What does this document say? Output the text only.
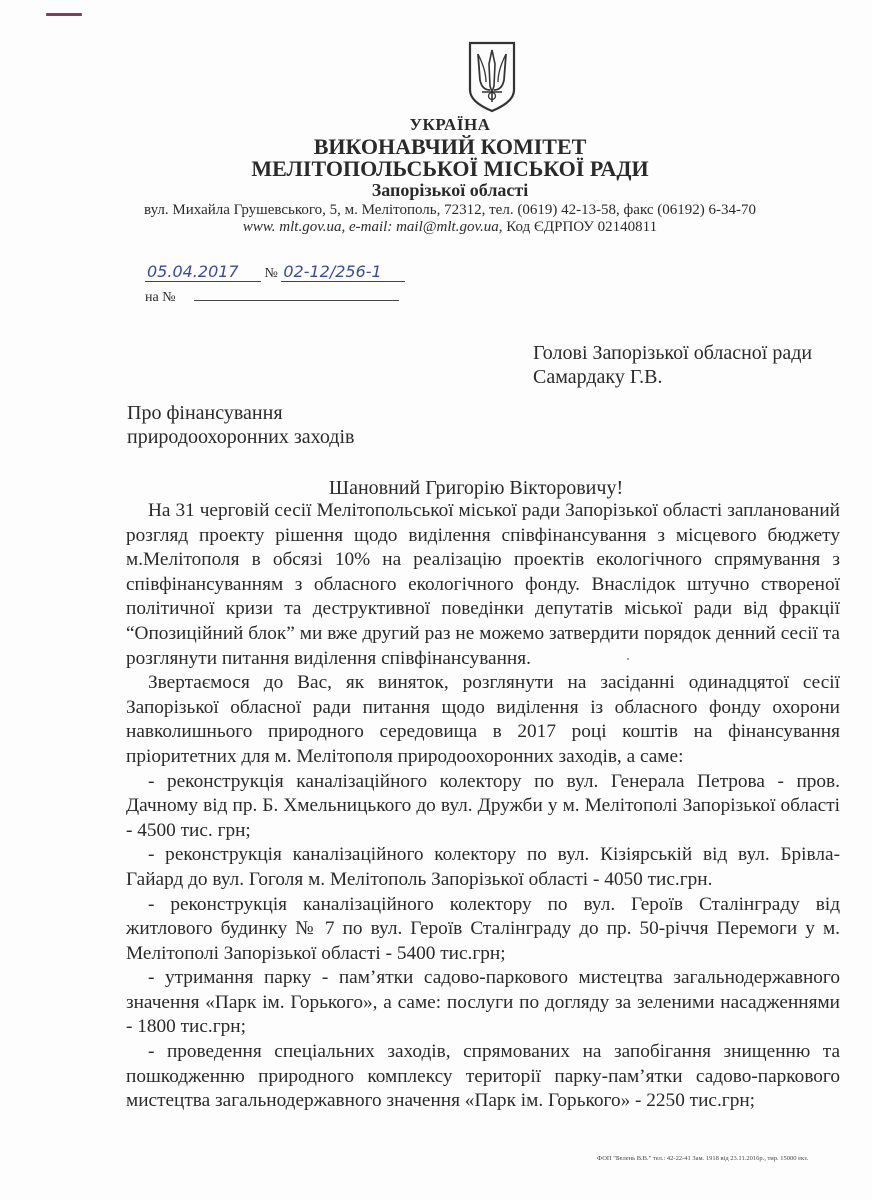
УКРАЇНА
ВИКОНАВЧИЙ КОМІТЕТ
МЕЛІТОПОЛЬСЬКОЇ МІСЬКОЇ РАДИ
Запорізької області
вул. Михайла Грушевського, 5, м. Мелітополь, 72312, тел. (0619) 42-13-58, факс (06192) 6-34-70
www. mlt.gov.ua, e-mail: mail@mlt.gov.ua, Код ЄДРПОУ 02140811
05.04.2017 № 02-12/256-1
на №
Голові Запорізької обласної ради
Самардаку Г.В.
Про фінансування
природоохоронних заходів
Шановний Григорію Вікторовичу!

На 31 черговій сесії Мелітопольської міської ради Запорізької області запланований розгляд проекту рішення щодо виділення співфінансування з місцевого бюджету м.Мелітополя в обсязі 10% на реалізацію проектів екологічного спрямування з співфінансуванням з обласного екологічного фонду. Внаслідок штучно створеної політичної кризи та деструктивної поведінки депутатів міської ради від фракції “Опозиційний блок” ми вже другий раз не можемо затвердити порядок денний сесії та розглянути питання виділення співфінансування.

Звертаємося до Вас, як виняток, розглянути на засіданні одинадцятої сесії Запорізької обласної ради питання щодо виділення із обласного фонду охорони навколишнього природного середовища в 2017 році коштів на фінансування пріоритетних для м. Мелітополя природоохоронних заходів, а саме:

- реконструкція каналізаційного колектору по вул. Генерала Петрова - пров. Дачному від пр. Б. Хмельницького до вул. Дружби у м. Мелітополі Запорізької області - 4500 тис. грн;

- реконструкція каналізаційного колектору по вул. Кізіярській від вул. Брівла-Гайард до вул. Гоголя м. Мелітополь Запорізької області - 4050 тис.грн.

- реконструкція каналізаційного колектору по вул. Героїв Сталінграду від житлового будинку № 7 по вул. Героїв Сталінграду до пр. 50-річчя Перемоги у м. Мелітополі Запорізької області - 5400 тис.грн;

- утримання парку - пам’ятки садово-паркового мистецтва загальнодержавного значення «Парк ім. Горького», а саме: послуги по догляду за зеленими насадженнями - 1800 тис.грн;

- проведення спеціальних заходів, спрямованих на запобігання знищенню та пошкодженню природного комплексу території парку-пам’ятки садово-паркового мистецтва загальнодержавного значення «Парк ім. Горького» - 2250 тис.грн;

ФОП "Белень В.В." тел.: 42-22-41 Зам. 1918 від 23.11.2016р., тир. 15000 екз.
